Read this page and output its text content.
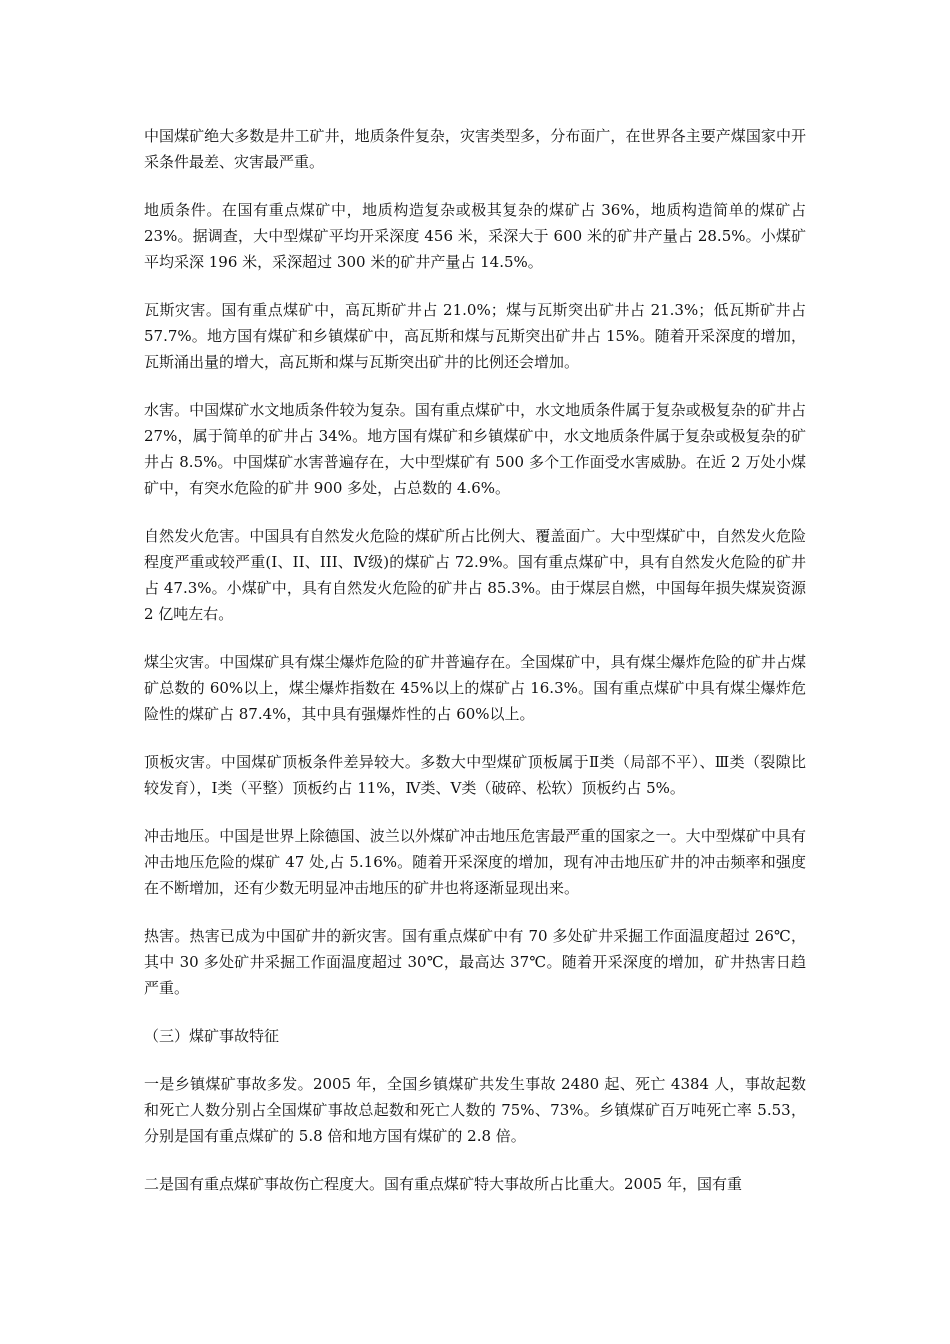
中国煤矿绝大多数是井工矿井，地质条件复杂，灾害类型多，分布面广，在世界各主要产煤国家中开采条件最差、灾害最严重。

地质条件。在国有重点煤矿中，地质构造复杂或极其复杂的煤矿占 36%，地质构造简单的煤矿占 23%。据调查，大中型煤矿平均开采深度 456 米，采深大于 600 米的矿井产量占 28.5%。小煤矿平均采深 196 米，采深超过 300 米的矿井产量占 14.5%。

瓦斯灾害。国有重点煤矿中，高瓦斯矿井占 21.0%；煤与瓦斯突出矿井占 21.3%；低瓦斯矿井占 57.7%。地方国有煤矿和乡镇煤矿中，高瓦斯和煤与瓦斯突出矿井占 15%。随着开采深度的增加，瓦斯涌出量的增大，高瓦斯和煤与瓦斯突出矿井的比例还会增加。

水害。中国煤矿水文地质条件较为复杂。国有重点煤矿中，水文地质条件属于复杂或极复杂的矿井占 27%，属于简单的矿井占 34%。地方国有煤矿和乡镇煤矿中，水文地质条件属于复杂或极复杂的矿井占 8.5%。中国煤矿水害普遍存在，大中型煤矿有 500 多个工作面受水害威胁。在近 2 万处小煤矿中，有突水危险的矿井 900 多处，占总数的 4.6%。

自然发火危害。中国具有自然发火危险的煤矿所占比例大、覆盖面广。大中型煤矿中，自然发火危险程度严重或较严重(Ⅰ、II、III、Ⅳ级)的煤矿占 72.9%。国有重点煤矿中，具有自然发火危险的矿井占 47.3%。小煤矿中，具有自然发火危险的矿井占 85.3%。由于煤层自燃，中国每年损失煤炭资源 2 亿吨左右。

煤尘灾害。中国煤矿具有煤尘爆炸危险的矿井普遍存在。全国煤矿中，具有煤尘爆炸危险的矿井占煤矿总数的 60%以上，煤尘爆炸指数在 45%以上的煤矿占 16.3%。国有重点煤矿中具有煤尘爆炸危险性的煤矿占 87.4%，其中具有强爆炸性的占 60%以上。

顶板灾害。中国煤矿顶板条件差异较大。多数大中型煤矿顶板属于Ⅱ类（局部不平）、Ⅲ类（裂隙比较发育），Ⅰ类（平整）顶板约占 11%，Ⅳ类、Ⅴ类（破碎、松软）顶板约占 5%。

冲击地压。中国是世界上除德国、波兰以外煤矿冲击地压危害最严重的国家之一。大中型煤矿中具有冲击地压危险的煤矿 47 处,占 5.16%。随着开采深度的增加，现有冲击地压矿井的冲击频率和强度在不断增加，还有少数无明显冲击地压的矿井也将逐渐显现出来。

热害。热害已成为中国矿井的新灾害。国有重点煤矿中有 70 多处矿井采掘工作面温度超过 26℃，其中 30 多处矿井采掘工作面温度超过 30℃，最高达 37℃。随着开采深度的增加，矿井热害日趋严重。

（三）煤矿事故特征

一是乡镇煤矿事故多发。2005 年，全国乡镇煤矿共发生事故 2480 起、死亡 4384 人，事故起数和死亡人数分别占全国煤矿事故总起数和死亡人数的 75%、73%。乡镇煤矿百万吨死亡率 5.53，分别是国有重点煤矿的 5.8 倍和地方国有煤矿的 2.8 倍。

二是国有重点煤矿事故伤亡程度大。国有重点煤矿特大事故所占比重大。2005 年，国有重
